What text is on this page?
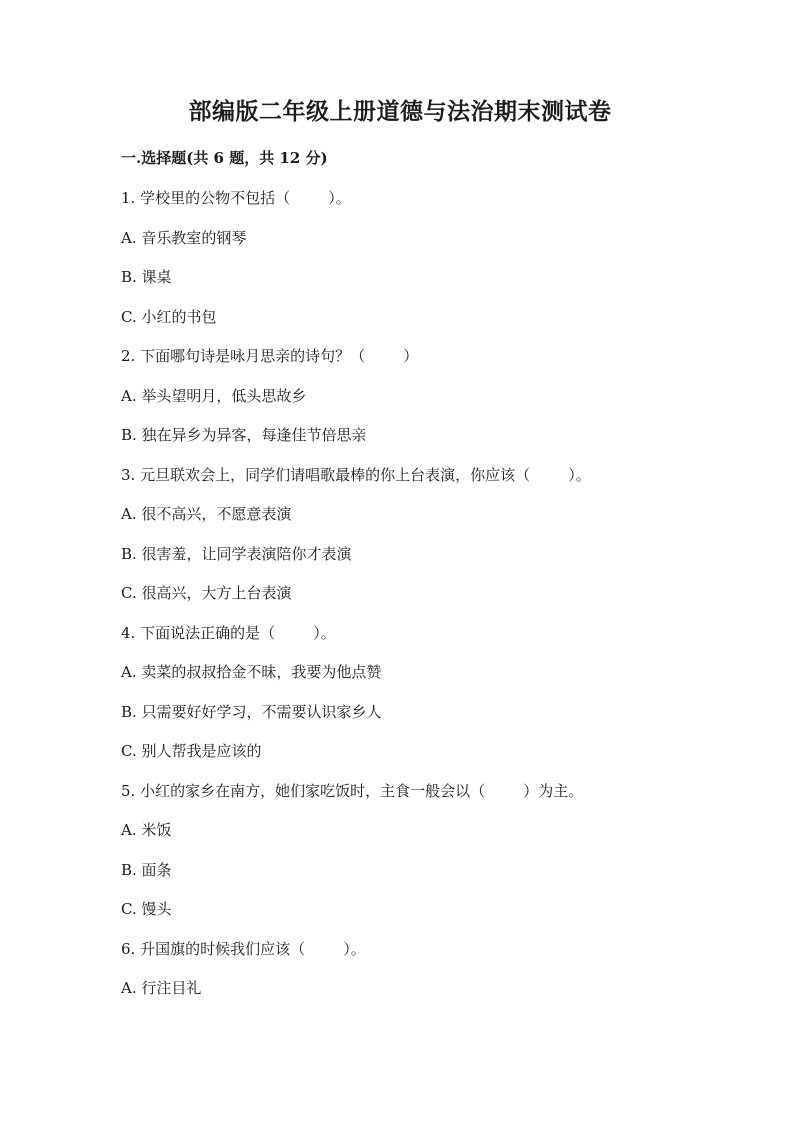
部编版二年级上册道德与法治期末测试卷
一.选择题(共 6 题，共 12 分)
1. 学校里的公物不包括（        ）。
A. 音乐教室的钢琴
B. 课桌
C. 小红的书包
2. 下面哪句诗是咏月思亲的诗句？（        ）
A. 举头望明月，低头思故乡
B. 独在异乡为异客，每逢佳节倍思亲
3. 元旦联欢会上，同学们请唱歌最棒的你上台表演，你应该（        ）。
A. 很不高兴，不愿意表演
B. 很害羞，让同学表演陪你才表演
C. 很高兴，大方上台表演
4. 下面说法正确的是（        ）。
A. 卖菜的叔叔拾金不昧，我要为他点赞
B. 只需要好好学习，不需要认识家乡人
C. 别人帮我是应该的
5. 小红的家乡在南方，她们家吃饭时，主食一般会以（        ）为主。
A. 米饭
B. 面条
C. 馒头
6. 升国旗的时候我们应该（        ）。
A. 行注目礼
